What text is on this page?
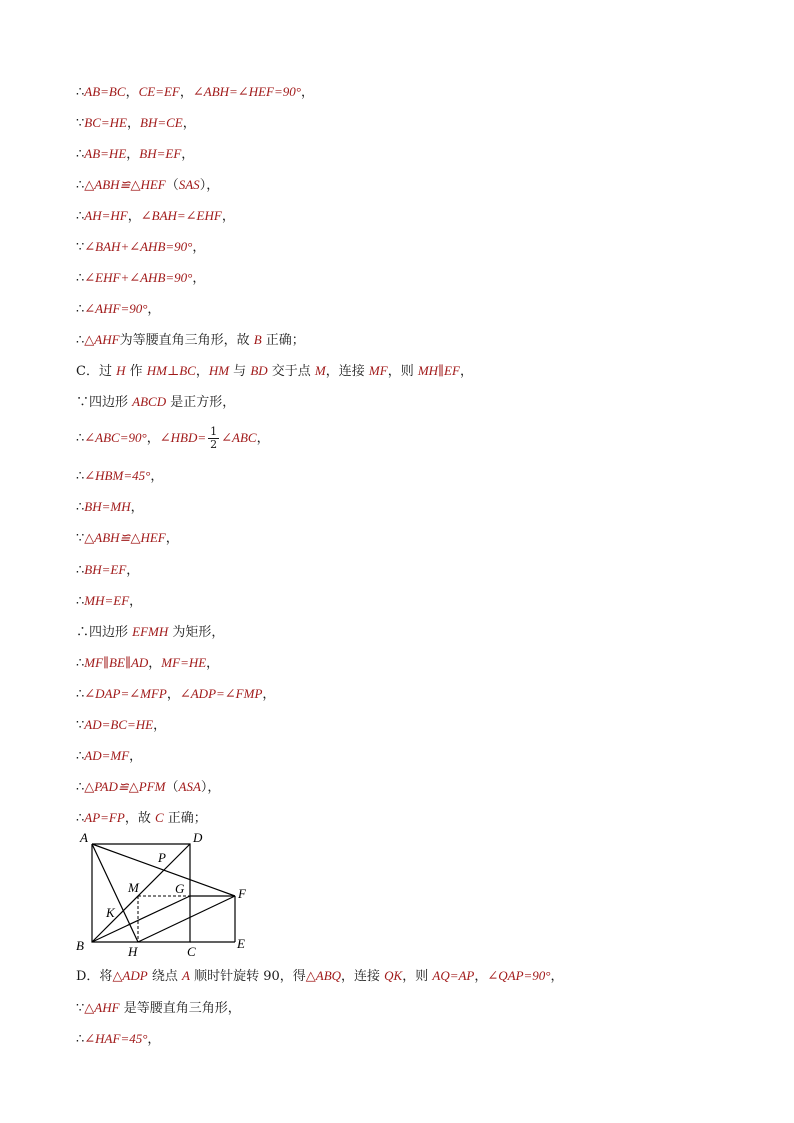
∴AB=BC，CE=EF，∠ABH=∠HEF=90°，
∵BC=HE，BH=CE，
∴AB=HE，BH=EF，
∴△ABH≌△HEF（SAS），
∴AH=HF，∠BAH=∠EHF，
∵∠BAH+∠AHB=90°，
∴∠EHF+∠AHB=90°，
∴∠AHF=90°，
∴△AHF为等腰直角三角形，故 B 正确；
C．过 H 作 HM⊥BC，HM 与 BD 交于点 M，连接 MF，则 MH∥EF，
∵四边形 ABCD 是正方形，
∴∠ABC=90°，∠HBD= $\frac{1}{2}$ ∠ABC，
∴∠HBM=45°，
∴BH=MH，
∵△ABH≌△HEF，
∴BH=EF，
∴MH=EF，
∴四边形 EFMH 为矩形，
∴MF∥BE∥AD，MF=HE，
∴∠DAP=∠MFP，∠ADP=∠FMP，
∵AD=BC=HE，
∴AD=MF，
∴△PAD≌△PFM（ASA），
∴AP=FP，故 C 正确；
A	D
P
M	G	F
K
B	H	C
E
D．将△ADP 绕点 A 顺时针旋转 90，得△ABQ，连接 QK，则 AQ=AP，∠QAP=90°，
∵△AHF 是等腰直角三角形，
∴∠HAF=45°，
